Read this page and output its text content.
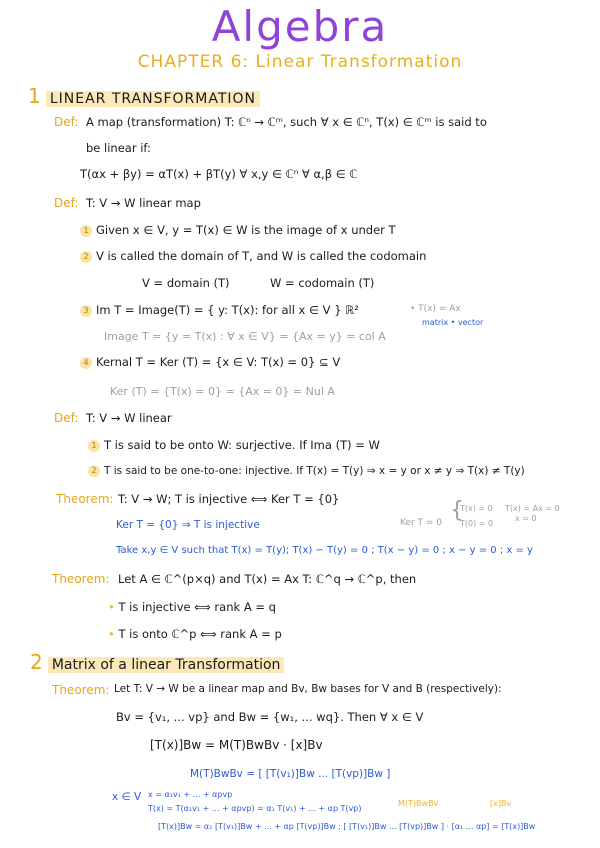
Algebra
CHAPTER 6: Linear Transformation
1 LINEAR TRANSFORMATION
Def: A map (transformation) T: ℂⁿ → ℂᵐ, such ∀ x ∈ ℂⁿ, T(x) ∈ ℂᵐ is said to
be linear if:
T(αx + βy) = αT(x) + βT(y) ∀ x,y ∈ ℂⁿ ∀ α,β ∈ ℂ
Def: T: V → W linear map
1 Given x ∈ V, y = T(x) ∈ W is the image of x under T
2 V is called the domain of T, and W is called the codomain
V = domain (T)	W = codomain (T)
3 Im T = Image(T) = { y: T(x): for all x ∈ V } ℝ²	• T(x) = Ax
matrix • vector
Image T = {y = T(x) : ∀ x ∈ V} = {Ax = y} = col A
4 Kernal T = Ker (T) = {x ∈ V: T(x) = 0} ⊆ V
Ker (T) = {T(x) = 0} = {Ax = 0} = Nul A
Def: T: V → W linear
1 T is said to be onto W: surjective. If Ima (T) = W
2 T is said to be one-to-one: injective. If T(x) = T(y) ⇒ x = y or x ≠ y ⇒ T(x) ≠ T(y)
Theorem: T: V → W; T is injective ⟺ Ker T = {0}
Ker T = {0} ⇒ T is injective	Ker T = 0 {
T(x) = 0
T(0) = 0
T(x) = Ax = 0
x = 0
Take x,y ∈ V such that T(x) = T(y); T(x) − T(y) = 0 ; T(x − y) = 0 ; x − y = 0 ; x = y
Theorem: Let A ∈ ℂ^(p×q) and T(x) = Ax T: ℂ^q → ℂ^p, then
• T is injective ⟺ rank A = q
• T is onto ℂ^p ⟺ rank A = p
2 Matrix of a linear Transformation
Theorem: Let T: V → W be a linear map and Bv, Bw bases for V and B (respectively):
Bv = {v₁, ... vp} and Bw = {w₁, ... wq}. Then ∀ x ∈ V
[T(x)]Bw = M(T)BwBv · [x]Bv
M(T)BwBv = [ [T(v₁)]Bw ... [T(vp)]Bw ]
x ∈ V x = α₁v₁ + ... + αpvp
T(x) = T(α₁v₁ + ... + αpvp) = α₁ T(v₁) + ... + αp T(vp)
M(T)BwBv	[x]Bv
[T(x)]Bw = α₁ [T(v₁)]Bw + ... + αp [T(vp)]Bw ; [ [T(v₁)]Bw ... [T(vp)]Bw ] · [α₁ ... αp] = [T(x)]Bw
